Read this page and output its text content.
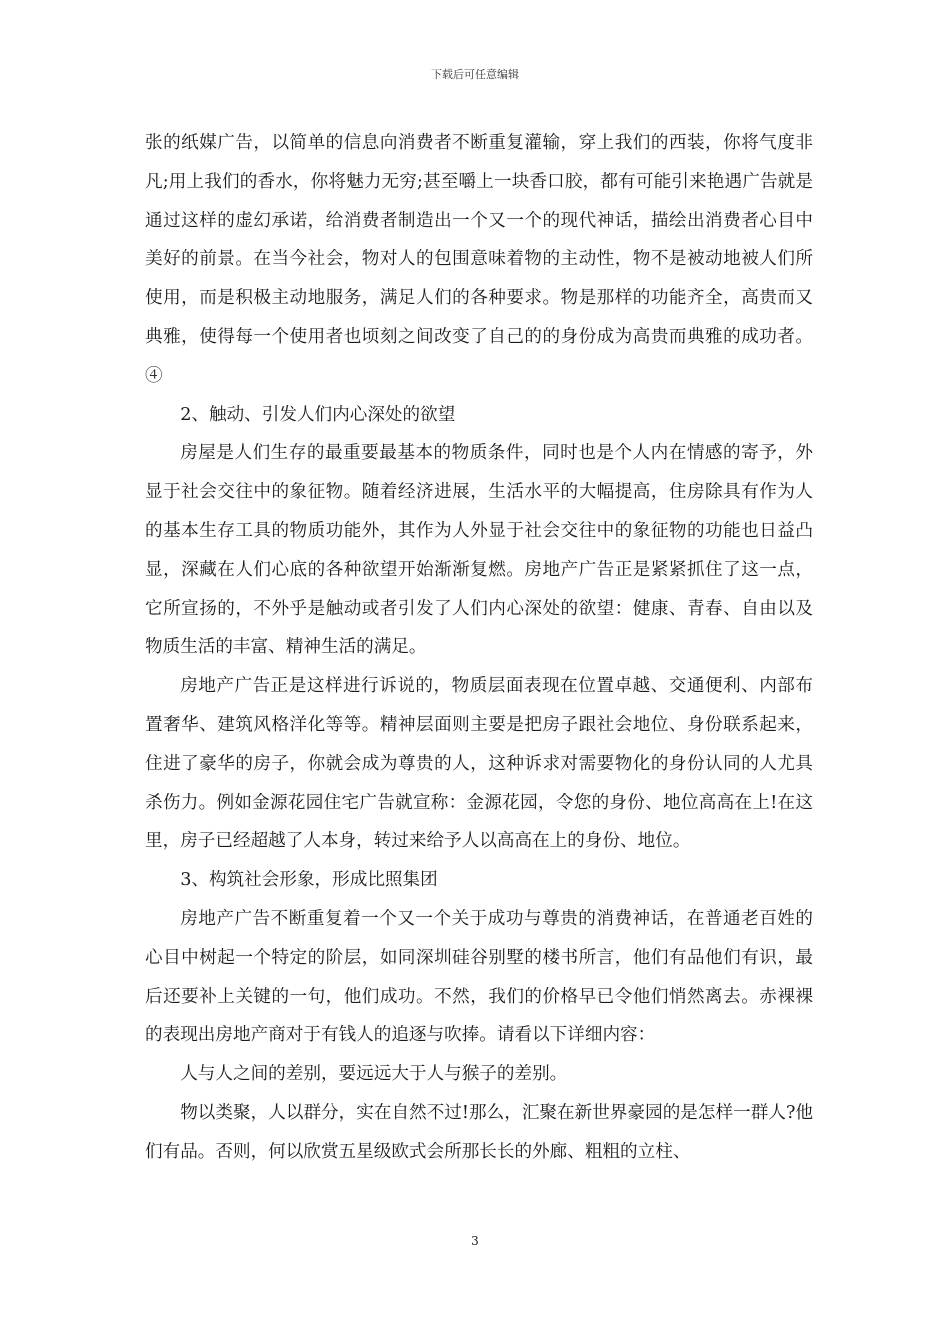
下载后可任意编辑

张的纸媒广告，以简单的信息向消费者不断重复灌输，穿上我们的西装，你将气度非凡;用上我们的香水，你将魅力无穷;甚至嚼上一块香口胶，都有可能引来艳遇广告就是通过这样的虚幻承诺，给消费者制造出一个又一个的现代神话，描绘出消费者心目中美好的前景。在当今社会，物对人的包围意味着物的主动性，物不是被动地被人们所使用，而是积极主动地服务，满足人们的各种要求。物是那样的功能齐全，高贵而又典雅，使得每一个使用者也顷刻之间改变了自己的的身份成为高贵而典雅的成功者。④

2、触动、引发人们内心深处的欲望

房屋是人们生存的最重要最基本的物质条件，同时也是个人内在情感的寄予，外显于社会交往中的象征物。随着经济进展，生活水平的大幅提高，住房除具有作为人的基本生存工具的物质功能外，其作为人外显于社会交往中的象征物的功能也日益凸显，深藏在人们心底的各种欲望开始渐渐复燃。房地产广告正是紧紧抓住了这一点，它所宣扬的，不外乎是触动或者引发了人们内心深处的欲望：健康、青春、自由以及物质生活的丰富、精神生活的满足。

房地产广告正是这样进行诉说的，物质层面表现在位置卓越、交通便利、内部布置奢华、建筑风格洋化等等。精神层面则主要是把房子跟社会地位、身份联系起来，住进了豪华的房子，你就会成为尊贵的人，这种诉求对需要物化的身份认同的人尤具杀伤力。例如金源花园住宅广告就宣称：金源花园，令您的身份、地位高高在上!在这里，房子已经超越了人本身，转过来给予人以高高在上的身份、地位。

3、构筑社会形象，形成比照集团

房地产广告不断重复着一个又一个关于成功与尊贵的消费神话，在普通老百姓的心目中树起一个特定的阶层，如同深圳硅谷别墅的楼书所言，他们有品他们有识，最后还要补上关键的一句，他们成功。不然，我们的价格早已令他们悄然离去。赤裸裸的表现出房地产商对于有钱人的追逐与吹捧。请看以下详细内容：

人与人之间的差别，要远远大于人与猴子的差别。

物以类聚，人以群分，实在自然不过!那么，汇聚在新世界豪园的是怎样一群人?他们有品。否则，何以欣赏五星级欧式会所那长长的外廊、粗粗的立柱、

3
